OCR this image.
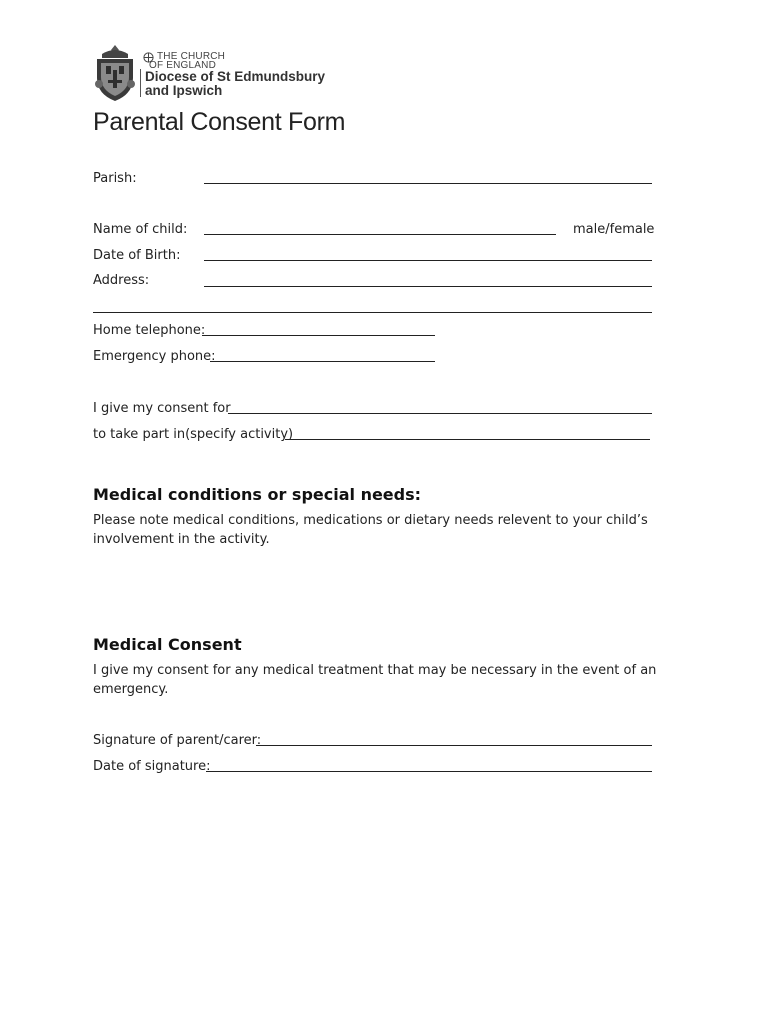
THE CHURCH
OF ENGLAND
Diocese of St Edmundsbury
and Ipswich
Parental Consent Form
Parish:
Name of child:	male/female
Date of Birth:
Address:
Home telephone:
Emergency phone:
I give my consent for
to take part in(specify activity)
Medical conditions or special needs:
Please note medical conditions, medications or dietary needs relevent to your child’s
involvement in the activity.
Medical Consent
I give my consent for any medical treatment that may be necessary in the event of an
emergency.
Signature of parent/carer:
Date of signature:
